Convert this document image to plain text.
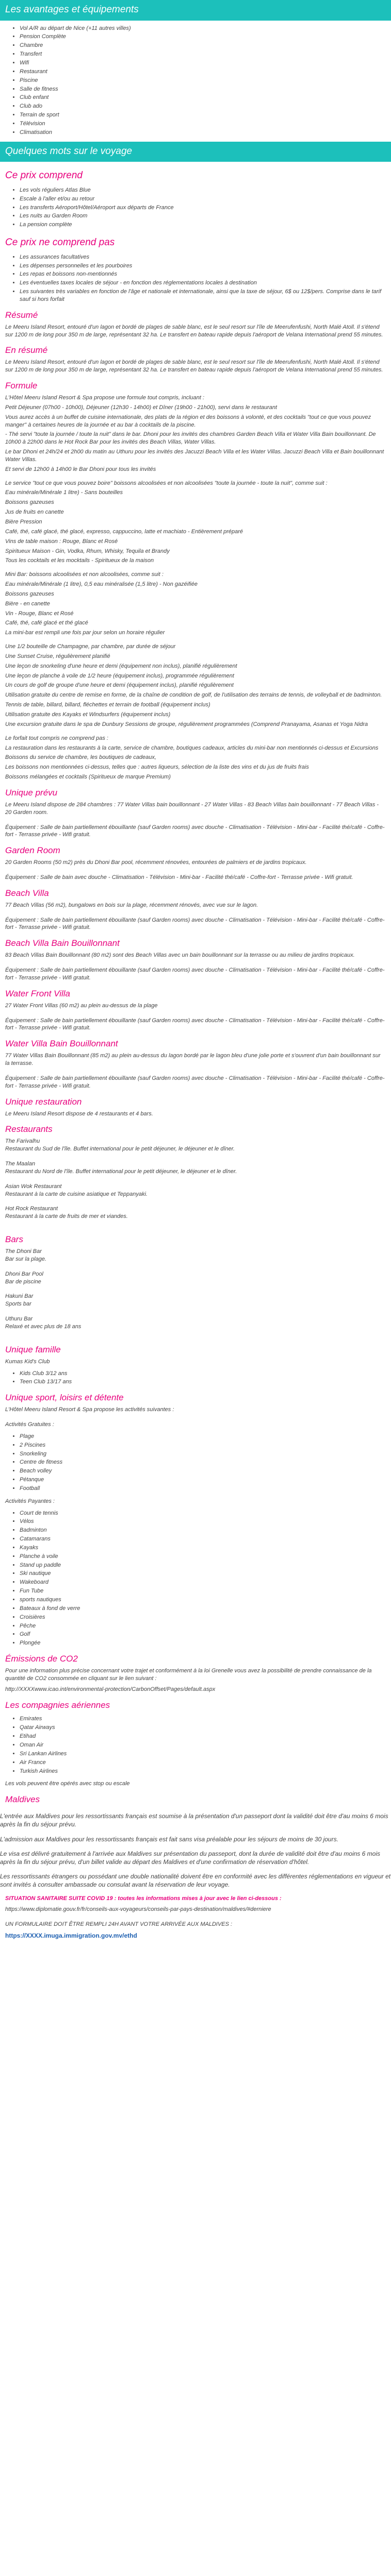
Les avantages et équipements
• Vol A/R au départ de Nice (+11 autres villes)
• Pension Complète
• Chambre
• Transfert
• Wifi
• Restaurant
• Piscine
• Salle de fitness
• Club enfant
• Club ado
• Terrain de sport
• Télévision
• Climatisation
Quelques mots sur le voyage
Ce prix comprend
• Les vols réguliers Atlas Blue
• Escale à l'aller et/ou au retour
• Les transferts Aéroport/Hôtel/Aéroport aux départs de France
• Les nuits au Garden Room
• La pension complète
Ce prix ne comprend pas
• Les assurances facultatives
• Les dépenses personnelles et les pourboires
• Les repas et boissons non-mentionnés
• Les éventuelles taxes locales de séjour - en fonction des réglementations locales à destination
• Les suivantes très variables en fonction de l'âge et nationale et internationale, ainsi que la taxe de séjour, 6$ ou 12$/pers. Comprise dans le tarif sauf si hors forfait
Résumé

Le Meeru Island Resort, entouré d'un lagon et bordé de plages de sable blanc, est le seul resort sur l'île de Meerufenfushi, North Malé Atoll. Il s'étend sur 1200 m de long pour 350 m de large, représentant 32 ha. Le transfert en bateau rapide depuis l'aéroport de Velana International prend 55 minutes.

En résumé

Le Meeru Island Resort, entouré d'un lagon et bordé de plages de sable blanc, est le seul resort sur l'île de Meerufenfushi, North Malé Atoll. Il s'étend sur 1200 m de long pour 350 m de large, représentant 32 ha. Le transfert en bateau rapide depuis l'aéroport de Velana International prend 55 minutes.

Formule

L'Hôtel Meeru Island Resort & Spa propose une formule tout compris, incluant :

Petit Déjeuner (07h00 - 10h00), Déjeuner (12h30 - 14h00) et Dîner (19h00 - 21h00), servi dans le restaurant

Vous aurez accès à un buffet de cuisine internationale, des plats de la région et des boissons à volonté, et des cocktails "tout ce que vous pouvez manger" à certaines heures de la journée et au bar à cocktails de la piscine.

- Thé servi "toute la journée / toute la nuit" dans le bar. Dhoni pour les invités des chambres Garden Beach Villa et Water Villa Bain bouillonnant. De 10h00 à 22h00 dans le Hot Rock Bar pour les invités des Beach Villas, Water Villas.

Le bar Dhoni et 24h/24 et 2h00 du matin au Uthuru pour les invités des Jacuzzi Beach Villa et les Water Villas. Jacuzzi Beach Villa et Bain bouillonnant Water Villas.

Et servi de 12h00 à 14h00 le Bar Dhoni pour tous les invités

Le service "tout ce que vous pouvez boire" boissons alcoolisées et non alcoolisées "toute la journée - toute la nuit", comme suit :

Eau minérale/Minérale 1 litre) - Sans bouteilles

Boissons gazeuses

Jus de fruits en canette

Bière Pression

Café, thé, café glacé, thé glacé, expresso, cappuccino, latte et machiato - Entièrement préparé

Vins de table maison : Rouge, Blanc et Rosé

Spiritueux Maison - Gin, Vodka, Rhum, Whisky, Tequila et Brandy

Tous les cocktails et les mocktails - Spiritueux de la maison

Mini Bar: boissons alcoolisées et non alcoolisées, comme suit :

Eau minérale/Minérale (1 litre), 0,5 eau minéralisée (1,5 litre) - Non gazéifiée

Boissons gazeuses

Bière - en canette

Vin - Rouge, Blanc et Rosé

Café, thé, café glacé et thé glacé

La mini-bar est rempli une fois par jour selon un horaire régulier

Une 1/2 bouteille de Champagne, par chambre, par durée de séjour

Une Sunset Cruise, régulièrement planifié

Une leçon de snorkeling d'une heure et demi (équipement non inclus), planifié régulièrement

Une leçon de planche à voile de 1/2 heure (équipement inclus), programmée régulièrement

Un cours de golf de groupe d'une heure et demi (équipement inclus), planifié régulièrement

Utilisation gratuite du centre de remise en forme, de la chaîne de condition de golf, de l'utilisation des terrains de tennis, de volleyball et de badminton.

Tennis de table, billard, billard, fléchettes et terrain de football (équipement inclus)

Utilisation gratuite des Kayaks et Windsurfers (équipement inclus)

Une excursion gratuite dans le spa de Dunbury Sessions de groupe, régulièrement programmées (Comprend Pranayama, Asanas et Yoga Nidra

Le forfait tout compris ne comprend pas :

La restauration dans les restaurants à la carte, service de chambre, boutiques cadeaux, articles du mini-bar non mentionnés ci-dessus et Excursions

Boissons du service de chambre, les boutiques de cadeaux,

Les boissons non mentionnées ci-dessus, telles que : autres liqueurs, sélection de la liste des vins et du jus de fruits frais

Boissons mélangées et cocktails (Spiritueux de marque Premium)

Unique prévu

Le Meeru Island dispose de 284 chambres : 77 Water Villas bain bouillonnant - 27 Water Villas - 83 Beach Villas bain bouillonnant - 77 Beach Villas - 20 Garden room.

Équipement : Salle de bain partiellement ébouillante (sauf Garden rooms) avec douche - Climatisation - Télévision - Mini-bar - Facilité thé/café - Coffre-fort - Terrasse privée - Wifi gratuit.

Garden Room

20 Garden Rooms (50 m2) près du Dhoni Bar pool, récemment rénovées, entourées de palmiers et de jardins tropicaux.

Équipement : Salle de bain avec douche - Climatisation - Télévision - Mini-bar - Facilité thé/café - Coffre-fort - Terrasse privée - Wifi gratuit.

Beach Villa

77 Beach Villas (56 m2), bungalows en bois sur la plage, récemment rénovés, avec vue sur le lagon.

Équipement : Salle de bain partiellement ébouillante (sauf Garden rooms) avec douche - Climatisation - Télévision - Mini-bar - Facilité thé/café - Coffre-fort - Terrasse privée - Wifi gratuit.

Beach Villa Bain Bouillonnant

83 Beach Villas Bain Bouillonnant (80 m2) sont des Beach Villas avec un bain bouillonnant sur la terrasse ou au milieu de jardins tropicaux.

Équipement : Salle de bain partiellement ébouillante (sauf Garden rooms) avec douche - Climatisation - Télévision - Mini-bar - Facilité thé/café - Coffre-fort - Terrasse privée - Wifi gratuit.

Water Front Villa

27 Water Front Villas (60 m2) au plein au-dessus de la plage

Équipement : Salle de bain partiellement ébouillante (sauf Garden rooms) avec douche - Climatisation - Télévision - Mini-bar - Facilité thé/café - Coffre-fort - Terrasse privée - Wifi gratuit.

Water Villa Bain Bouillonnant

77 Water Villas Bain Bouillonnant (85 m2) au plein au-dessus du lagon bordé par le lagon bleu d'une jolie porte et s'ouvrent d'un bain bouillonnant sur la terrasse.

Équipement : Salle de bain partiellement ébouillante (sauf Garden rooms) avec douche - Climatisation - Télévision - Mini-bar - Facilité thé/café - Coffre-fort - Terrasse privée - Wifi gratuit.

Unique restauration

Le Meeru Island Resort dispose de 4 restaurants et 4 bars.

Restaurants

The Farivalhu

Restaurant du Sud de l'île. Buffet international pour le petit déjeuner, le déjeuner et le dîner.

The Maalan

Restaurant du Nord de l'île. Buffet international pour le petit déjeuner, le déjeuner et le dîner.

Asian Wok Restaurant

Restaurant à la carte de cuisine asiatique et Teppanyaki.

Hot Rock Restaurant

Restaurant à la carte de fruits de mer et viandes.

Bars

The Dhoni Bar

Bar sur la plage.

Dhoni Bar Pool

Bar de piscine

Hakuni Bar

Sports bar

Uthuru Bar

Relaxé et avec plus de 18 ans

Unique famille

Kumas Kid's Club

• Kids Club 3/12 ans
• Teen Club 13/17 ans
Unique sport, loisirs et détente

L'Hôtel Meeru Island Resort & Spa propose les activités suivantes :

Activités Gratuites :

• Plage
• 2 Piscines
• Snorkeling
• Centre de fitness
• Beach volley
• Pétanque
• Football

Activités Payantes :

• Court de tennis
• Vélos
• Badminton
• Catamarans
• Kayaks
• Planche à voile
• Stand up paddle
• Ski nautique
• Wakeboard
• Fun Tube
• sports nautiques
• Bateaux à fond de verre
• Croisières
• Pêche
• Golf
• Plongée
Émissions de CO2

Pour une information plus précise concernant votre trajet et conformément à la loi Grenelle vous avez la possibilité de prendre connaissance de la quantité de CO2 consommée en cliquant sur le lien suivant :

http://XXXXwww.icao.int/environmental-protection/CarbonOffset/Pages/default.aspx

Les compagnies aériennes
• Emirates
• Qatar Airways
• Etihad
• Oman Air
• Sri Lankan Airlines
• Air France
• Turkish Airlines

Les vols peuvent être opérés avec stop ou escale

Maldives

L'entrée aux Maldives pour les ressortissants français est soumise à la présentation d'un passeport dont la validité doit être d'au moins 6 mois après la fin du séjour prévu.

L'admission aux Maldives pour les ressortissants français est fait sans visa préalable pour les séjours de moins de 30 jours.

Le visa est délivré gratuitement à l'arrivée aux Maldives sur présentation du passeport, dont la durée de validité doit être d'au moins 6 mois après la fin du séjour prévu, d'un billet valide au départ des Maldives et d'une confirmation de réservation d'hôtel.

Les ressortissants étrangers ou possédant une double nationalité doivent être en conformité avec les différentes réglementations en vigueur et sont invités à consulter ambassade ou consulat avant la réservation de leur voyage.

SITUATION SANITAIRE SUITE COVID 19 : toutes les informations mises à jour avec le lien ci-dessous :

https://www.diplomatie.gouv.fr/fr/conseils-aux-voyageurs/conseils-par-pays-destination/maldives/#derniere

UN FORMULAIRE DOIT ÊTRE REMPLI 24H AVANT VOTRE ARRIVÉE AUX MALDIVES :

https://XXXX.imuga.immigration.gov.mv/ethd
